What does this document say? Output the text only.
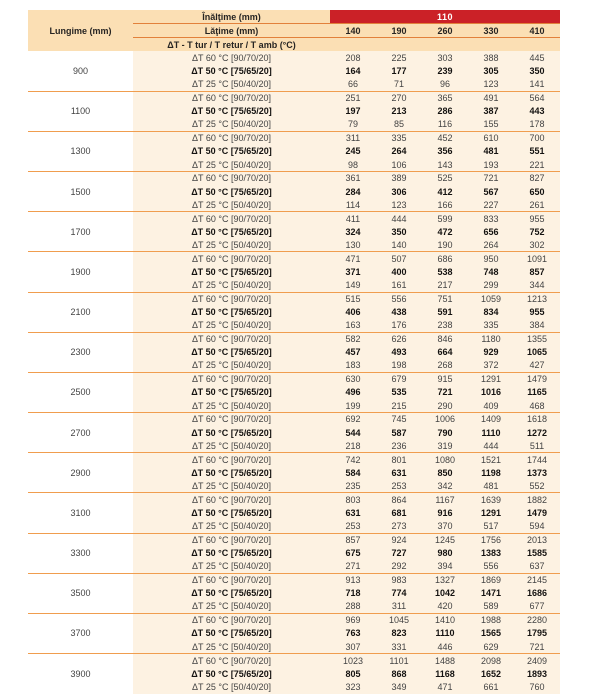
Lungime (mm)	Înălţime (mm)	110				
	Lăţime (mm)	140	190	260	330	410
	ΔT - T tur / T retur / T amb (°C)					
900	ΔT 60 °C [90/70/20]	208	225	303	388	445
	ΔT 50 °C [75/65/20]	164	177	239	305	350
	ΔT 25 °C [50/40/20]	66	71	96	123	141
1100	ΔT 60 °C [90/70/20]	251	270	365	491	564
	ΔT 50 °C [75/65/20]	197	213	286	387	443
	ΔT 25 °C [50/40/20]	79	85	116	155	178
1300	ΔT 60 °C [90/70/20]	311	335	452	610	700
	ΔT 50 °C [75/65/20]	245	264	356	481	551
	ΔT 25 °C [50/40/20]	98	106	143	193	221
1500	ΔT 60 °C [90/70/20]	361	389	525	721	827
	ΔT 50 °C [75/65/20]	284	306	412	567	650
	ΔT 25 °C [50/40/20]	114	123	166	227	261
1700	ΔT 60 °C [90/70/20]	411	444	599	833	955
	ΔT 50 °C [75/65/20]	324	350	472	656	752
	ΔT 25 °C [50/40/20]	130	140	190	264	302
1900	ΔT 60 °C [90/70/20]	471	507	686	950	1091
	ΔT 50 °C [75/65/20]	371	400	538	748	857
	ΔT 25 °C [50/40/20]	149	161	217	299	344
2100	ΔT 60 °C [90/70/20]	515	556	751	1059	1213
	ΔT 50 °C [75/65/20]	406	438	591	834	955
	ΔT 25 °C [50/40/20]	163	176	238	335	384
2300	ΔT 60 °C [90/70/20]	582	626	846	1180	1355
	ΔT 50 °C [75/65/20]	457	493	664	929	1065
	ΔT 25 °C [50/40/20]	183	198	268	372	427
2500	ΔT 60 °C [90/70/20]	630	679	915	1291	1479
	ΔT 50 °C [75/65/20]	496	535	721	1016	1165
	ΔT 25 °C [50/40/20]	199	215	290	409	468
2700	ΔT 60 °C [90/70/20]	692	745	1006	1409	1618
	ΔT 50 °C [75/65/20]	544	587	790	1110	1272
	ΔT 25 °C [50/40/20]	218	236	319	444	511
2900	ΔT 60 °C [90/70/20]	742	801	1080	1521	1744
	ΔT 50 °C [75/65/20]	584	631	850	1198	1373
	ΔT 25 °C [50/40/20]	235	253	342	481	552
3100	ΔT 60 °C [90/70/20]	803	864	1167	1639	1882
	ΔT 50 °C [75/65/20]	631	681	916	1291	1479
	ΔT 25 °C [50/40/20]	253	273	370	517	594
3300	ΔT 60 °C [90/70/20]	857	924	1245	1756	2013
	ΔT 50 °C [75/65/20]	675	727	980	1383	1585
	ΔT 25 °C [50/40/20]	271	292	394	556	637
3500	ΔT 60 °C [90/70/20]	913	983	1327	1869	2145
	ΔT 50 °C [75/65/20]	718	774	1042	1471	1686
	ΔT 25 °C [50/40/20]	288	311	420	589	677
3700	ΔT 60 °C [90/70/20]	969	1045	1410	1988	2280
	ΔT 50 °C [75/65/20]	763	823	1110	1565	1795
	ΔT 25 °C [50/40/20]	307	331	446	629	721
3900	ΔT 60 °C [90/70/20]	1023	1101	1488	2098	2409
	ΔT 50 °C [75/65/20]	805	868	1168	1652	1893
	ΔT 25 °C [50/40/20]	323	349	471	661	760
